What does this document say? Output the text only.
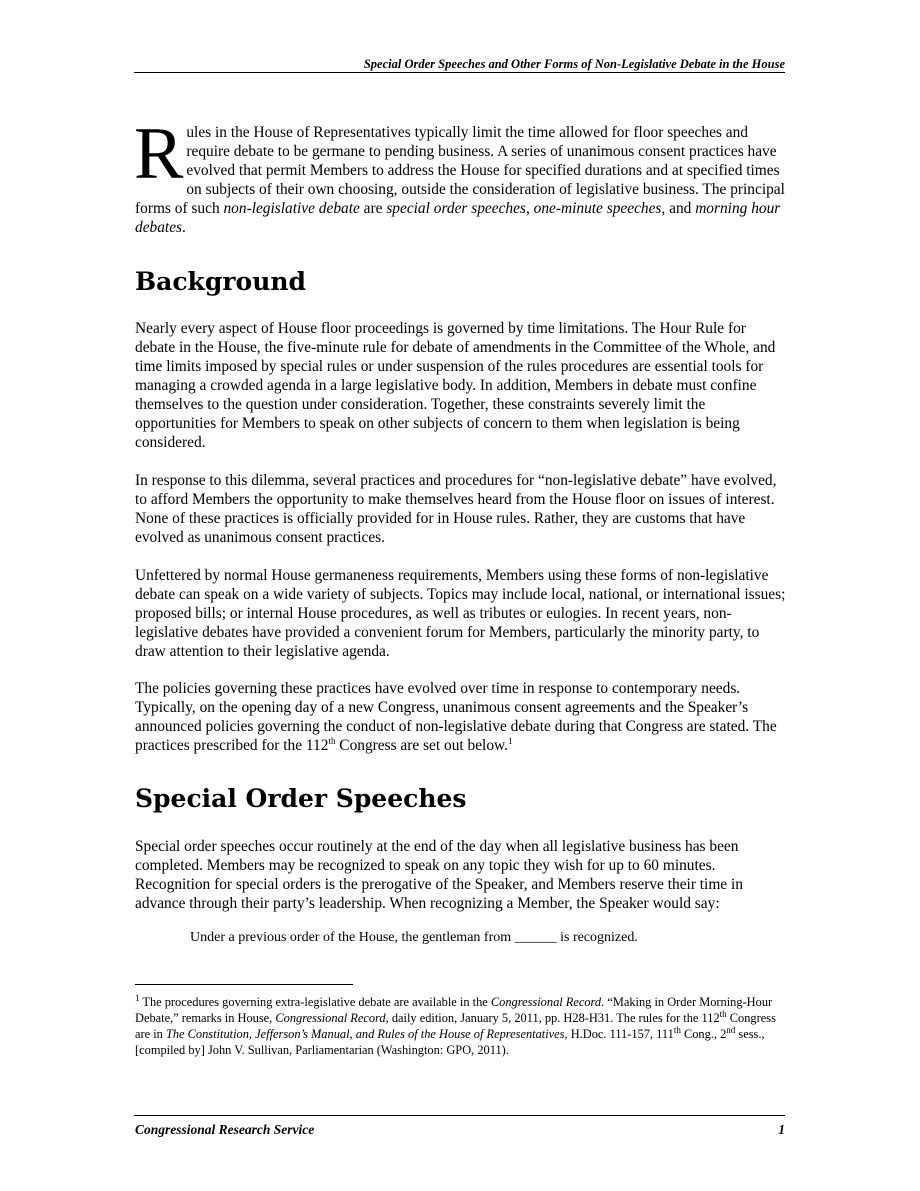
Special Order Speeches and Other Forms of Non-Legislative Debate in the House
Rules in the House of Representatives typically limit the time allowed for floor speeches and require debate to be germane to pending business. A series of unanimous consent practices have evolved that permit Members to address the House for specified durations and at specified times on subjects of their own choosing, outside the consideration of legislative business. The principal forms of such non-legislative debate are special order speeches, one-minute speeches, and morning hour debates.
Background

Nearly every aspect of House floor proceedings is governed by time limitations. The Hour Rule for debate in the House, the five-minute rule for debate of amendments in the Committee of the Whole, and time limits imposed by special rules or under suspension of the rules procedures are essential tools for managing a crowded agenda in a large legislative body. In addition, Members in debate must confine themselves to the question under consideration. Together, these constraints severely limit the opportunities for Members to speak on other subjects of concern to them when legislation is being considered.

In response to this dilemma, several practices and procedures for “non-legislative debate” have evolved, to afford Members the opportunity to make themselves heard from the House floor on issues of interest. None of these practices is officially provided for in House rules. Rather, they are customs that have evolved as unanimous consent practices.

Unfettered by normal House germaneness requirements, Members using these forms of non-legislative debate can speak on a wide variety of subjects. Topics may include local, national, or international issues; proposed bills; or internal House procedures, as well as tributes or eulogies. In recent years, non-legislative debates have provided a convenient forum for Members, particularly the minority party, to draw attention to their legislative agenda.

The policies governing these practices have evolved over time in response to contemporary needs. Typically, on the opening day of a new Congress, unanimous consent agreements and the Speaker’s announced policies governing the conduct of non-legislative debate during that Congress are stated. The practices prescribed for the 112th Congress are set out below.$^1$

Special Order Speeches

Special order speeches occur routinely at the end of the day when all legislative business has been completed. Members may be recognized to speak on any topic they wish for up to 60 minutes. Recognition for special orders is the prerogative of the Speaker, and Members reserve their time in advance through their party’s leadership. When recognizing a Member, the Speaker would say:

Under a previous order of the House, the gentleman from ______ is recognized.

$^1$ The procedures governing extra-legislative debate are available in the Congressional Record. “Making in Order Morning-Hour Debate,” remarks in House, Congressional Record, daily edition, January 5, 2011, pp. H28-H31. The rules for the 112th Congress are in The Constitution, Jefferson’s Manual, and Rules of the House of Representatives, H.Doc. 111-157, 111th Cong., 2nd sess., [compiled by] John V. Sullivan, Parliamentarian (Washington: GPO, 2011).

Congressional Research Service	1
